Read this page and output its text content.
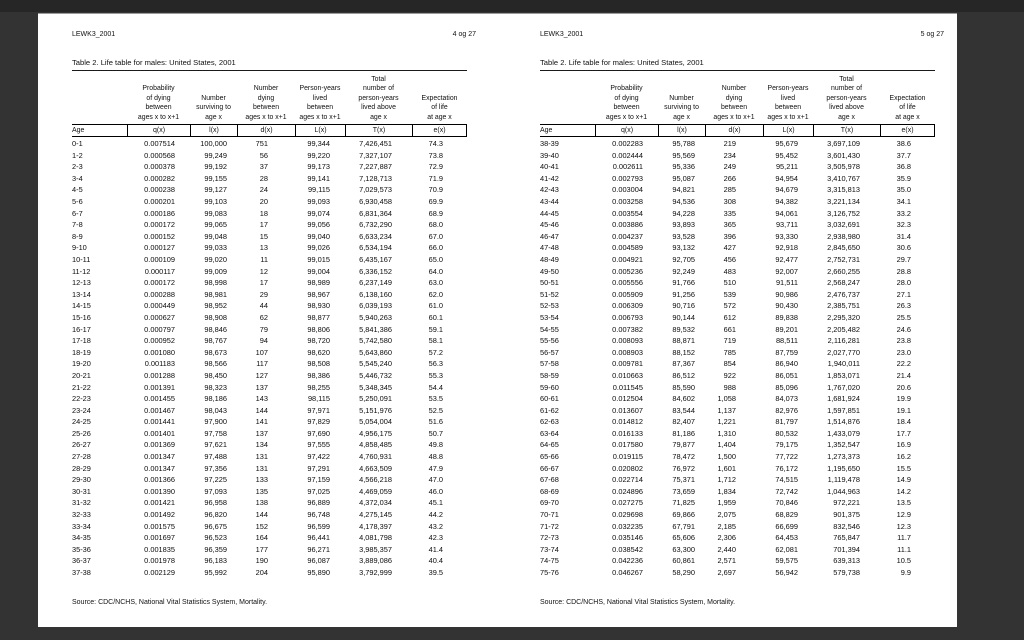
LEWK3_2001	4 og 27
Table 2. Life table for males: United States, 2001
Probability
of dying
between
ages x to x+1
Number
surviving to
age x
Number
dying
between
ages x to x+1
Person-years
lived
between
ages x to x+1
Total
number of
person-years
lived above
age x
Expectation
of life
at age x
Age	q(x)	l(x)	d(x)	L(x)	T(x)	e(x)
0-1	0.007514	100,000	751	99,344	7,426,451	74.3
1-2	0.000568	99,249	56	99,220	7,327,107	73.8
2-3	0.000378	99,192	37	99,173	7,227,887	72.9
3-4	0.000282	99,155	28	99,141	7,128,713	71.9
4-5	0.000238	99,127	24	99,115	7,029,573	70.9
5-6	0.000201	99,103	20	99,093	6,930,458	69.9
6-7	0.000186	99,083	18	99,074	6,831,364	68.9
7-8	0.000172	99,065	17	99,056	6,732,290	68.0
8-9	0.000152	99,048	15	99,040	6,633,234	67.0
9-10	0.000127	99,033	13	99,026	6,534,194	66.0
10-11	0.000109	99,020	11	99,015	6,435,167	65.0
11-12	0.000117	99,009	12	99,004	6,336,152	64.0
12-13	0.000172	98,998	17	98,989	6,237,149	63.0
13-14	0.000288	98,981	29	98,967	6,138,160	62.0
14-15	0.000449	98,952	44	98,930	6,039,193	61.0
15-16	0.000627	98,908	62	98,877	5,940,263	60.1
16-17	0.000797	98,846	79	98,806	5,841,386	59.1
17-18	0.000952	98,767	94	98,720	5,742,580	58.1
18-19	0.001080	98,673	107	98,620	5,643,860	57.2
19-20	0.001183	98,566	117	98,508	5,545,240	56.3
20-21	0.001288	98,450	127	98,386	5,446,732	55.3
21-22	0.001391	98,323	137	98,255	5,348,345	54.4
22-23	0.001455	98,186	143	98,115	5,250,091	53.5
23-24	0.001467	98,043	144	97,971	5,151,976	52.5
24-25	0.001441	97,900	141	97,829	5,054,004	51.6
25-26	0.001401	97,758	137	97,690	4,956,175	50.7
26-27	0.001369	97,621	134	97,555	4,858,485	49.8
27-28	0.001347	97,488	131	97,422	4,760,931	48.8
28-29	0.001347	97,356	131	97,291	4,663,509	47.9
29-30	0.001366	97,225	133	97,159	4,566,218	47.0
30-31	0.001390	97,093	135	97,025	4,469,059	46.0
31-32	0.001421	96,958	138	96,889	4,372,034	45.1
32-33	0.001492	96,820	144	96,748	4,275,145	44.2
33-34	0.001575	96,675	152	96,599	4,178,397	43.2
34-35	0.001697	96,523	164	96,441	4,081,798	42.3
35-36	0.001835	96,359	177	96,271	3,985,357	41.4
36-37	0.001978	96,183	190	96,087	3,889,086	40.4
37-38	0.002129	95,992	204	95,890	3,792,999	39.5
Source: CDC/NCHS, National Vital Statistics System, Mortality.
LEWK3_2001	5 og 27
Table 2. Life table for males: United States, 2001
Probability
of dying
between
ages x to x+1
Number
surviving to
age x
Number
dying
between
ages x to x+1
Person-years
lived
between
ages x to x+1
Total
number of
person-years
lived above
age x
Expectation
of life
at age x
Age	q(x)	l(x)	d(x)	L(x)	T(x)	e(x)
38-39	0.002283	95,788	219	95,679	3,697,109	38.6
39-40	0.002444	95,569	234	95,452	3,601,430	37.7
40-41	0.002611	95,336	249	95,211	3,505,978	36.8
41-42	0.002793	95,087	266	94,954	3,410,767	35.9
42-43	0.003004	94,821	285	94,679	3,315,813	35.0
43-44	0.003258	94,536	308	94,382	3,221,134	34.1
44-45	0.003554	94,228	335	94,061	3,126,752	33.2
45-46	0.003886	93,893	365	93,711	3,032,691	32.3
46-47	0.004237	93,528	396	93,330	2,938,980	31.4
47-48	0.004589	93,132	427	92,918	2,845,650	30.6
48-49	0.004921	92,705	456	92,477	2,752,731	29.7
49-50	0.005236	92,249	483	92,007	2,660,255	28.8
50-51	0.005556	91,766	510	91,511	2,568,247	28.0
51-52	0.005909	91,256	539	90,986	2,476,737	27.1
52-53	0.006309	90,716	572	90,430	2,385,751	26.3
53-54	0.006793	90,144	612	89,838	2,295,320	25.5
54-55	0.007382	89,532	661	89,201	2,205,482	24.6
55-56	0.008093	88,871	719	88,511	2,116,281	23.8
56-57	0.008903	88,152	785	87,759	2,027,770	23.0
57-58	0.009781	87,367	854	86,940	1,940,011	22.2
58-59	0.010663	86,512	922	86,051	1,853,071	21.4
59-60	0.011545	85,590	988	85,096	1,767,020	20.6
60-61	0.012504	84,602	1,058	84,073	1,681,924	19.9
61-62	0.013607	83,544	1,137	82,976	1,597,851	19.1
62-63	0.014812	82,407	1,221	81,797	1,514,876	18.4
63-64	0.016133	81,186	1,310	80,532	1,433,079	17.7
64-65	0.017580	79,877	1,404	79,175	1,352,547	16.9
65-66	0.019115	78,472	1,500	77,722	1,273,373	16.2
66-67	0.020802	76,972	1,601	76,172	1,195,650	15.5
67-68	0.022714	75,371	1,712	74,515	1,119,478	14.9
68-69	0.024896	73,659	1,834	72,742	1,044,963	14.2
69-70	0.027275	71,825	1,959	70,846	972,221	13.5
70-71	0.029698	69,866	2,075	68,829	901,375	12.9
71-72	0.032235	67,791	2,185	66,699	832,546	12.3
72-73	0.035146	65,606	2,306	64,453	765,847	11.7
73-74	0.038542	63,300	2,440	62,081	701,394	11.1
74-75	0.042236	60,861	2,571	59,575	639,313	10.5
75-76	0.046267	58,290	2,697	56,942	579,738	9.9
Source: CDC/NCHS, National Vital Statistics System, Mortality.
